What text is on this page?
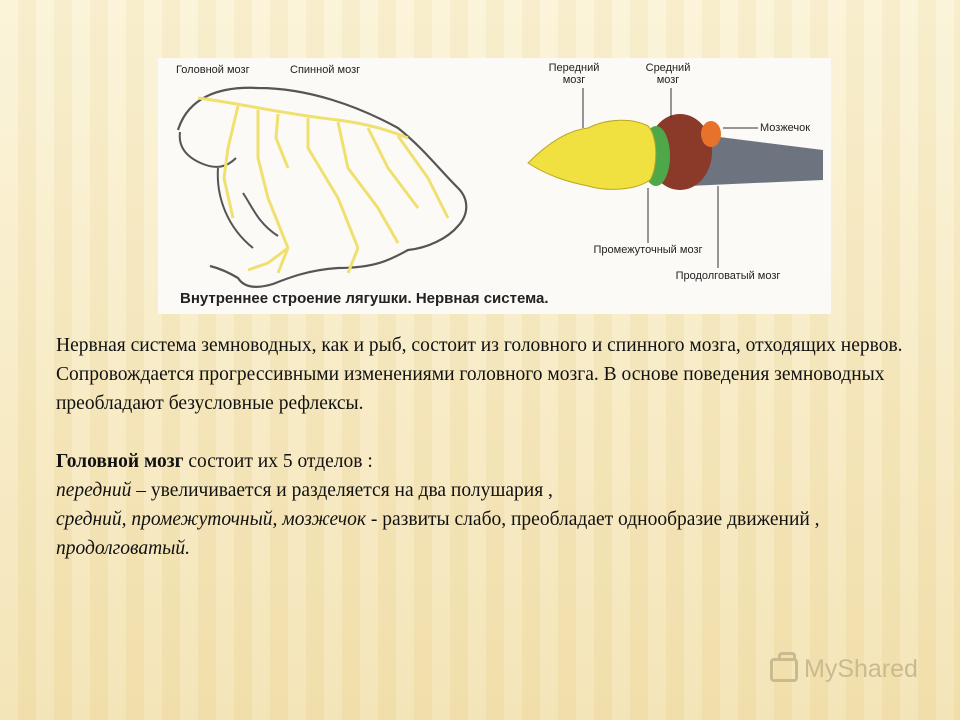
Головной мозг	Спинной мозг	Передний мозг
Средний мозг
Мозжечок
Промежуточный мозг
Продолговатый мозг
Внутреннее строение лягушки. Нервная система.

Нервная система земноводных, как и рыб, состоит из головного и спинного мозга, отходящих нервов. Сопровождается прогрессивными изменениями головного мозга. В основе поведения земноводных преобладают безусловные рефлексы.

Головной мозг состоит их 5 отделов :

передний – увеличивается и разделяется на два полушария ,

средний, промежуточный, мозжечок - развиты слабо, преобладает однообразие движений ,

продолговатый.

MyShared
